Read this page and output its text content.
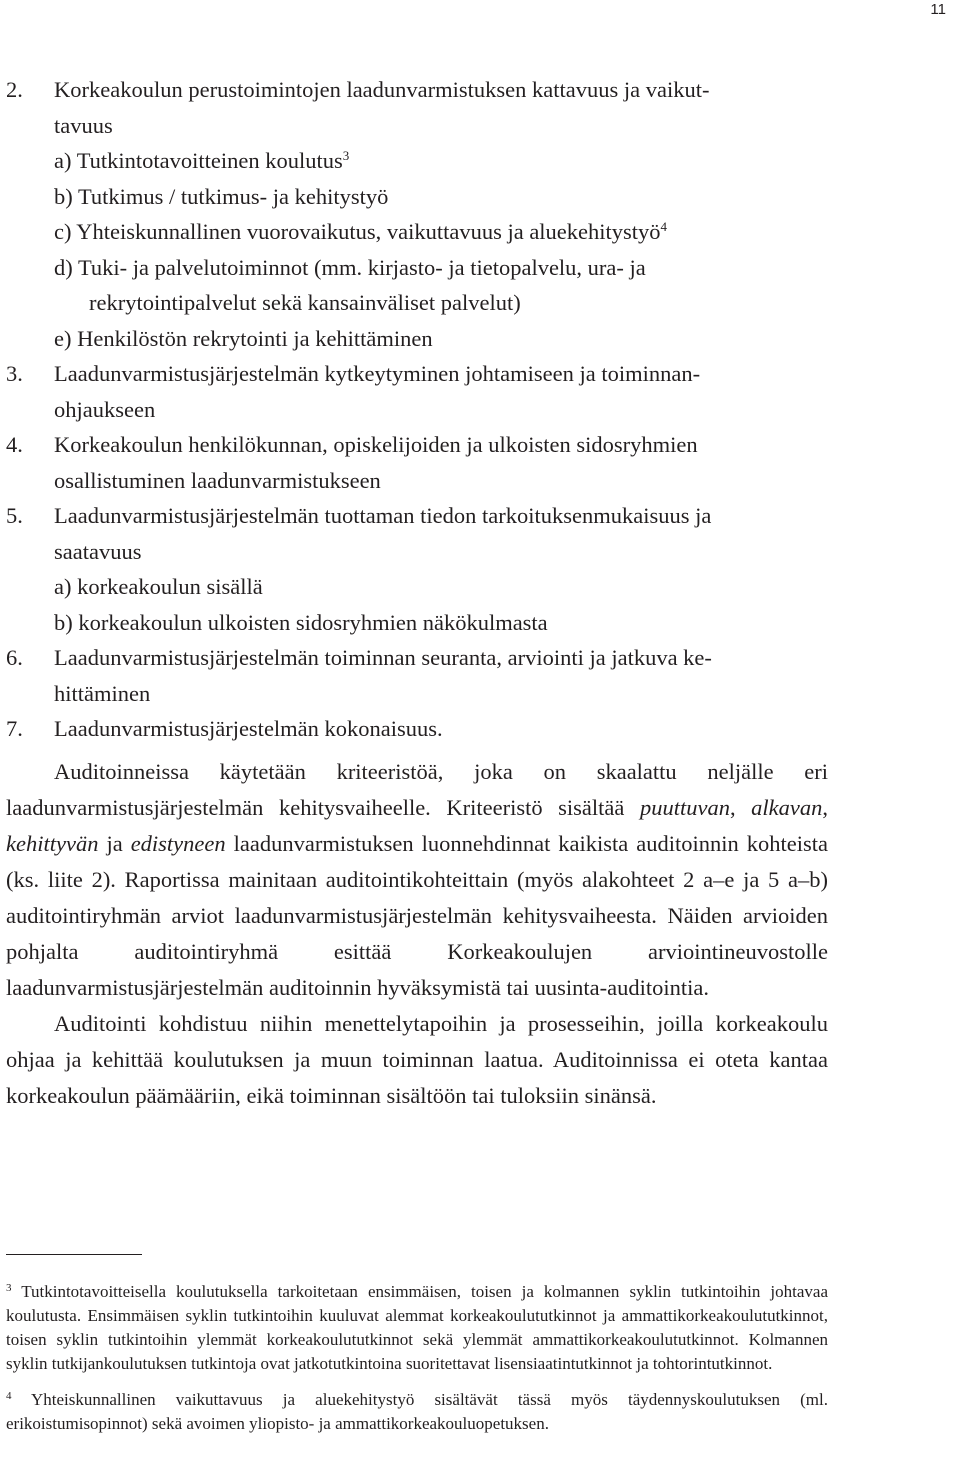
11
2. Korkeakoulun perustoimintojen laadunvarmistuksen kattavuus ja vaikut-
tavuus
a) Tutkintotavoitteinen koulutus$^3$
b) Tutkimus / tutkimus- ja kehitystyö
c) Yhteiskunnallinen vuorovaikutus, vaikuttavuus ja aluekehitystyö$^4$
d) Tuki- ja palvelutoiminnot (mm. kirjasto- ja tietopalvelu, ura- ja
rekrytointipalvelut sekä kansainväliset palvelut)
e) Henkilöstön rekrytointi ja kehittäminen
3. Laadunvarmistusjärjestelmän kytkeytyminen johtamiseen ja toiminnan-
ohjaukseen
4. Korkeakoulun henkilökunnan, opiskelijoiden ja ulkoisten sidosryhmien
osallistuminen laadunvarmistukseen
5. Laadunvarmistusjärjestelmän tuottaman tiedon tarkoituksenmukaisuus ja
saatavuus
a) korkeakoulun sisällä
b) korkeakoulun ulkoisten sidosryhmien näkökulmasta
6. Laadunvarmistusjärjestelmän toiminnan seuranta, arviointi ja jatkuva ke-
hittäminen
7. Laadunvarmistusjärjestelmän kokonaisuus.

Auditoinneissa käytetään kriteeristöä, joka on skaalattu neljälle eri laadunvarmistusjärjestelmän kehitysvaiheelle. Kriteeristö sisältää puuttuvan, alkavan, kehittyvän ja edistyneen laadunvarmistuksen luonnehdinnat kaikista auditoinnin kohteista (ks. liite 2). Raportissa mainitaan auditointikohteittain (myös alakohteet 2 a–e ja 5 a–b) auditointiryhmän arviot laadunvarmistusjärjestelmän kehitysvaiheesta. Näiden arvioiden pohjalta auditointiryhmä esittää Korkeakoulujen arviointineuvostolle laadunvarmistusjärjestelmän auditoinnin hyväksymistä tai uusinta-auditointia.

Auditointi kohdistuu niihin menettelytapoihin ja prosesseihin, joilla korkeakoulu ohjaa ja kehittää koulutuksen ja muun toiminnan laatua. Auditoinnissa ei oteta kantaa korkeakoulun päämääriin, eikä toiminnan sisältöön tai tuloksiin sinänsä.

$^3$ Tutkintotavoitteisella koulutuksella tarkoitetaan ensimmäisen, toisen ja kolmannen syklin tutkintoihin johtavaa koulutusta. Ensimmäisen syklin tutkintoihin kuuluvat alemmat korkeakoulututkinnot ja ammattikorkeakoulututkinnot, toisen syklin tutkintoihin ylemmät korkeakoulututkinnot sekä ylemmät ammattikorkeakoulututkinnot. Kolmannen syklin tutkijankoulutuksen tutkintoja ovat jatkotutkintoina suoritettavat lisensiaatintutkinnot ja tohtorintutkinnot.

$^4$ Yhteiskunnallinen vaikuttavuus ja aluekehitystyö sisältävät tässä myös täydennyskoulutuksen (ml. erikoistumisopinnot) sekä avoimen yliopisto- ja ammattikorkeakouluopetuksen.
